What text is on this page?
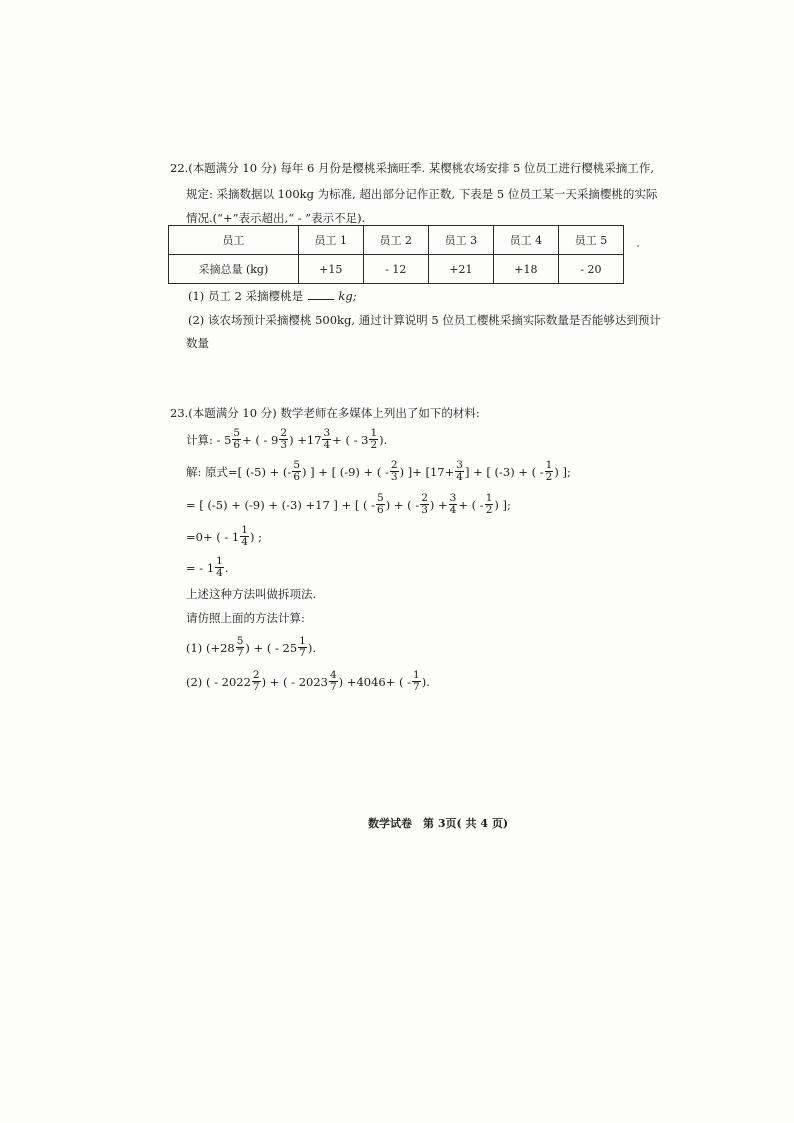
22.(本题满分 10 分) 每年 6 月份是樱桃采摘旺季. 某樱桃农场安排 5 位员工进行樱桃采摘工作,
规定: 采摘数据以 100kg 为标准, 超出部分记作正数, 下表是 5 位员工某一天采摘樱桃的实际
情况.(“+”表示超出,“ - ”表示不足).
员工	员工 1	员工 2	员工 3	员工 4	员工 5
采摘总量 (kg)	+15	- 12	+21	+18	- 20
(1) 员工 2 采摘樱桃是	kg;
(2) 该农场预计采摘樱桃 500kg, 通过计算说明 5 位员工樱桃采摘实际数量是否能够达到预计
数量
23.(本题满分 10 分) 数学老师在多媒体上列出了如下的材料:
计算: - 5 5
6 + ( - 9 2
3 ) +17 3
4 + ( - 3 1
2 ).
解: 原式= [ (-5) + (- 5
6 ) ] + [ (-9) + ( - 2
3 ) ]+ [$17+ \frac{3}{4}$ ] + [ (-3) + ( - 1
2 ) ];
= [ (-5) + (-9) + (-3) +17 ] + [ ( - 5
6 ) + ( - 2
3 ) + $\frac{3}{4}$ + ( - 1
2 ) ];
=0+ ( - 1 1
4 ) ;
= - 1 1
4 .
上述这种方法叫做拆项法.
请仿照上面的方法计算:
(1) (+28 5
7 ) + ( - 25 1
7 ).
(2) ( - 2022 2
7 ) + ( - 2023 4
7 ) +4046+ ( - 1
7 ).
数学试卷　第 3页( 共 4 页)
